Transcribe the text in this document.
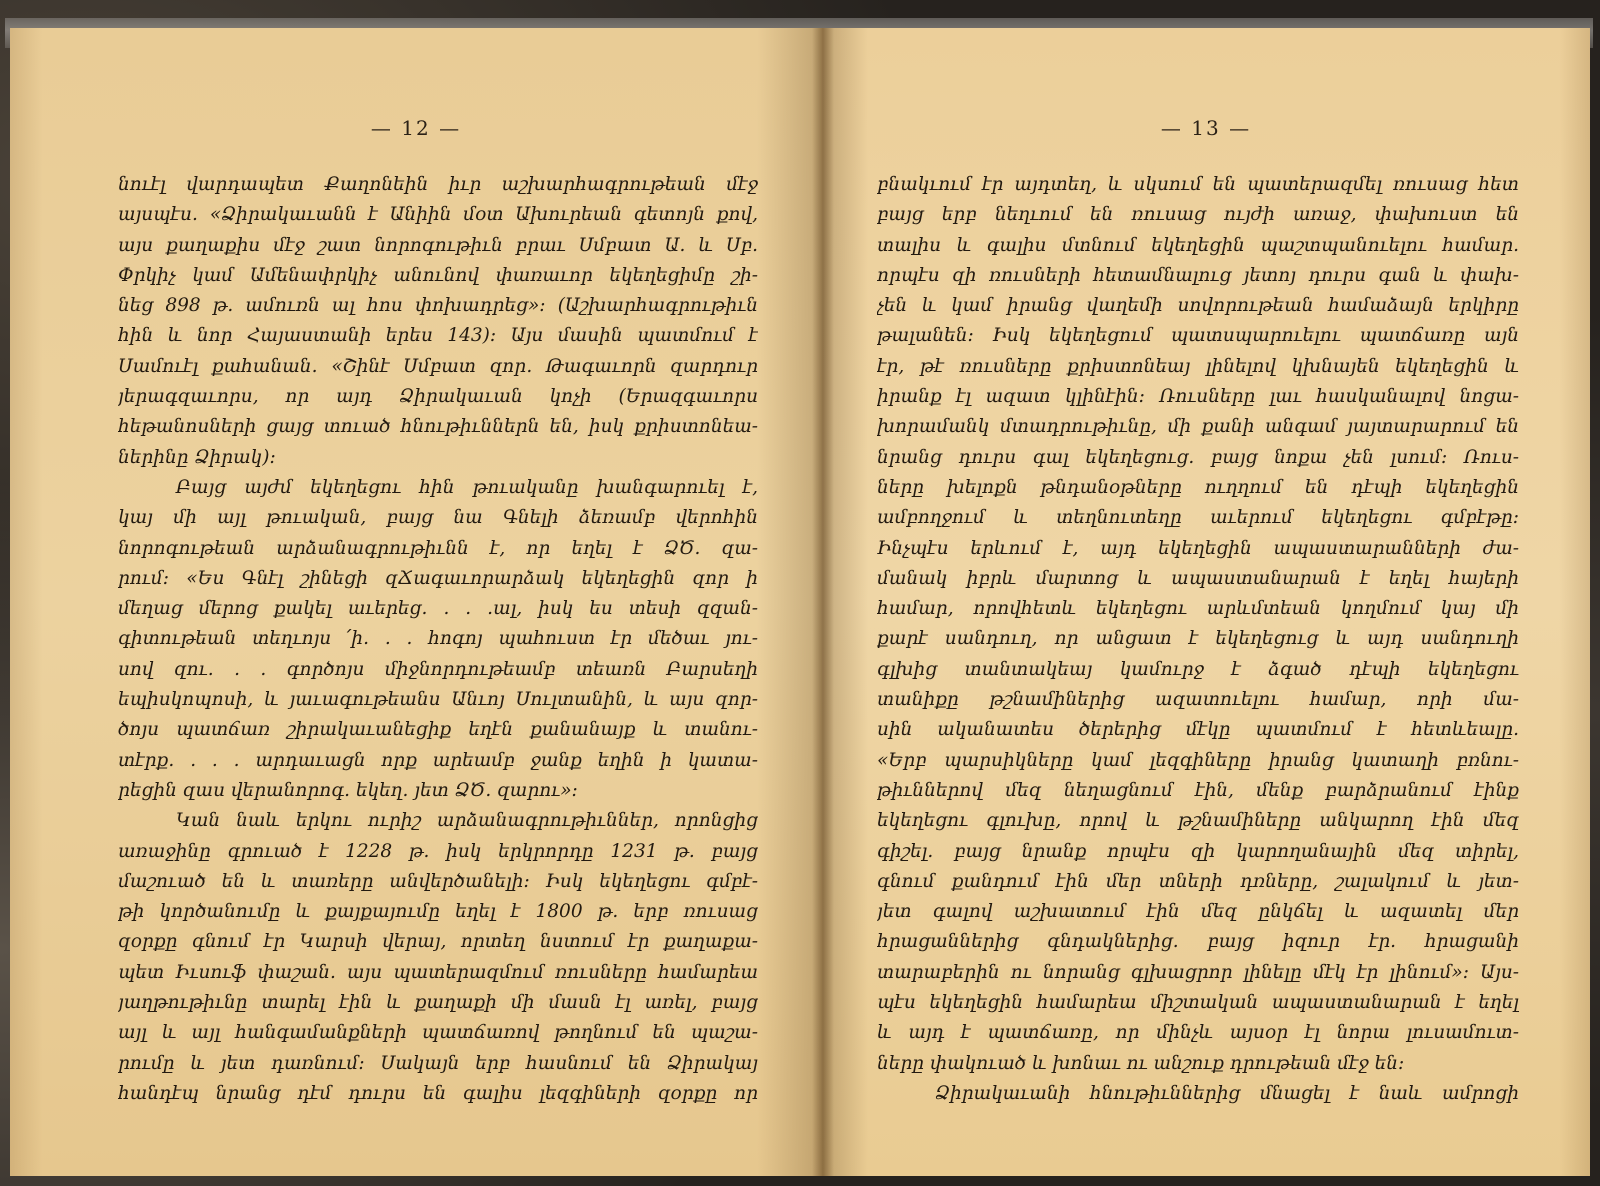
— 12 —
նուէլ վարդապետ Քաղոնեին իւր աշխարհագրութեան մէջ
այսպէս․ «Ձիրակաւանն է Անիին մօտ Ախուրեան գետոյն քով,
այս քաղաքիս մէջ շատ նորոգութիւն բրաւ Սմբատ Ա. և Սբ.
Փրկիչ կամ Ամենափրկիչ անունով փառաւոր եկեղեցիմը շի-
նեց 898 թ. ամուռն ալ հոս փոխադրեց»։ (Աշխարհագրութիւն
հին և նոր Հայաստանի երես 143)։ Այս մասին պատմում է
Սամուէլ քահանան․ «Շինէ Սմբատ զոր․ Թագաւորն զարդուր
յերագզաւորս, որ այդ Ձիրակաւան կոչի (Երազգաւորս
հեթանոսների ցայց տուած հնութիւններն են, իսկ քրիստոնեա-
ներինը Ձիրակ)։
Բայց այժմ եկեղեցու հին թուականը խանգարուել է,
կայ մի այլ թուական, բայց նա Գնելի ձեռամբ վերոհին
նորոգութեան արձանագրութիւնն է, որ եղել է ՁԾ. զա-
րում։ «Ես Գնէլ շինեցի զՃագաւորարձակ եկեղեցին զոր ի
մեղաց մերոց քակել աւերեց․ . . ․ալ, իսկ ես տեսի զզան-
գիտութեան տեղւոյս ՛ի․ . . հոգոյ պահուստ էր մեծաւ յու-
սով զու․ . . գործոյս միջնորդութեամբ տեառն Բարսեղի
եպիսկոպոսի, և յաւագութեանս Անւոյ Սուլտանին, և այս զոր-
ծոյս պատճառ շիրակաւանեցիք եղէն քանանայք և տանու-
տէրք․ . . ․ արդաւացն որք արեամբ ջանք եղին ի կատա-
րեցին զաս վերանորոգ. եկեղ. յետ ՁԾ. զարու»։
Կան նաև երկու ուրիշ արձանագրութիւններ, որոնցից
առաջինը գրուած է 1228 թ. իսկ երկրորդը 1231 թ. բայց
մաշուած են և տառերը անվերծանելի։ Իսկ եկեղեցու գմբէ-
թի կործանումը և քայքայումը եղել է 1800 թ. երբ ռուսաց
զօրքը գնում էր Կարսի վերայ, որտեղ նստում էր քաղաքա-
պետ Իւսուֆ փաշան. այս պատերազմում ռուսները համարեա
յաղթութիւնը տարել էին և քաղաքի մի մասն էլ առել, բայց
այլ և այլ հանգամանքների պատճառով թողնում են պաշա-
րումը և յետ դառնում։ Սակայն երբ հասնում են Ձիրակայ
հանդէպ նրանց դէմ դուրս են գալիս լեզգիների զօրքը որ
— 13 —
բնակւում էր այդտեղ, և սկսում են պատերազմել ռուսաց հետ
բայց երբ նեղւում են ռուսաց ույժի առաջ, փախուստ են
տալիս և գալիս մտնում եկեղեցին պաշտպանուելու համար.
որպէս զի ռուսների հետամնալուց յետոյ դուրս գան և փախ-
չեն և կամ իրանց վաղեմի սովորութեան համաձայն երկիրը
թալանեն։ Իսկ եկեղեցում պատսպարուելու պատճառը այն
էր, թէ ռուսները քրիստոնեայ լինելով կխնայեն եկեղեցին և
իրանք էլ ազատ կլինէին։ Ռուսները լաւ հասկանալով նոցա-
խորամանկ մտադրութիւնը, մի քանի անգամ յայտարարում են
նրանց դուրս գալ եկեղեցուց. բայց նոքա չեն լսում։ Ռուս-
ները խելոքն թնդանօթները ուղղում են դէպի եկեղեցին
ամբողջում և տեղնուտեղը աւերում եկեղեցու գմբէթը։
Ինչպէս երևում է, այդ եկեղեցին ապաստարանների ժա-
մանակ իբրև մարտոց և ապաստանարան է եղել հայերի
համար, որովհետև եկեղեցու արևմտեան կողմում կայ մի
քարէ սանդուղ, որ անցատ է եկեղեցուց և այդ սանդուղի
գլխից տանտակեայ կամուրջ է ձգած դէպի եկեղեցու
տանիքը թշնամիներից ազատուելու համար, որի մա-
սին ականատես ծերերից մէկը պատմում է հետևեալը.
«Երբ պարսիկները կամ լեզգիները իրանց կատաղի բռնու-
թիւններով մեզ նեղացնում էին, մենք բարձրանում էինք
եկեղեցու գլուխը, որով և թշնամիները անկարող էին մեզ
գիշել. բայց նրանք որպէս զի կարողանային մեզ տիրել,
գնում քանդում էին մեր տների դռները, շալակում և յետ-
յետ գալով աշխատում էին մեզ ընկճել և ազատել մեր
հրացաններից գնդակներից. բայց իզուր էր. հրացանի
տարաբերին ու նորանց գլխացրոր լինելը մէկ էր լինում»։ Այս-
պէս եկեղեցին համարեա միշտական ապաստանարան է եղել
և այդ է պատճառը, որ մինչև այսօր էլ նորա լուսամուտ-
ները փակուած և խոնաւ ու անշուք դրութեան մէջ են։
Ձիրակաւանի հնութիւններից մնացել է նաև ամրոցի
